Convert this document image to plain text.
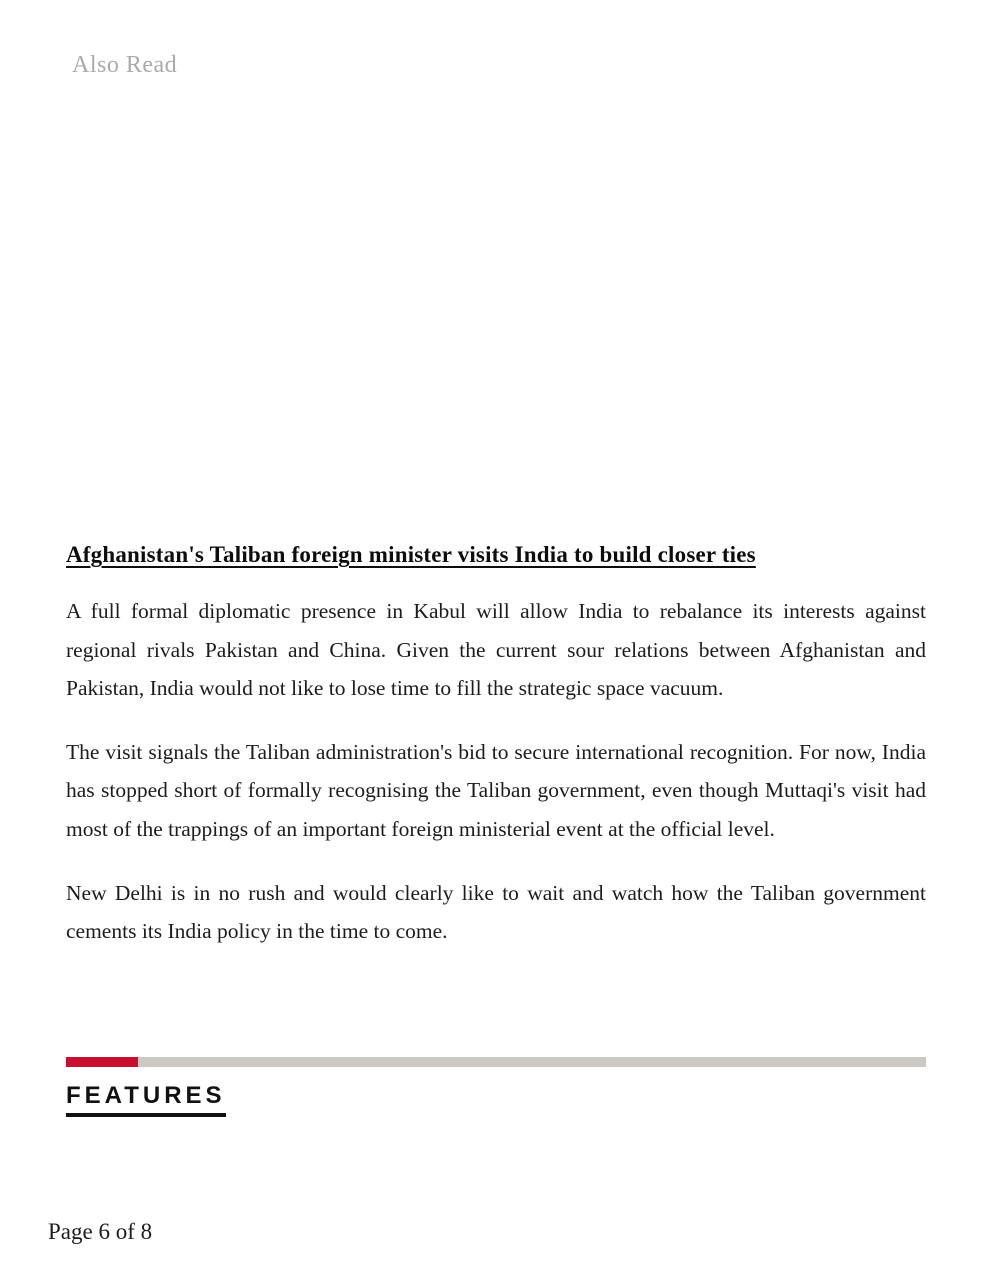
Also Read
Afghanistan's Taliban foreign minister visits India to build closer ties

A full formal diplomatic presence in Kabul will allow India to rebalance its interests against regional rivals Pakistan and China. Given the current sour relations between Afghanistan and Pakistan, India would not like to lose time to fill the strategic space vacuum.

The visit signals the Taliban administration's bid to secure international recognition. For now, India has stopped short of formally recognising the Taliban government, even though Muttaqi's visit had most of the trappings of an important foreign ministerial event at the official level.

New Delhi is in no rush and would clearly like to wait and watch how the Taliban government cements its India policy in the time to come.

FEATURES
Page 6 of 8
